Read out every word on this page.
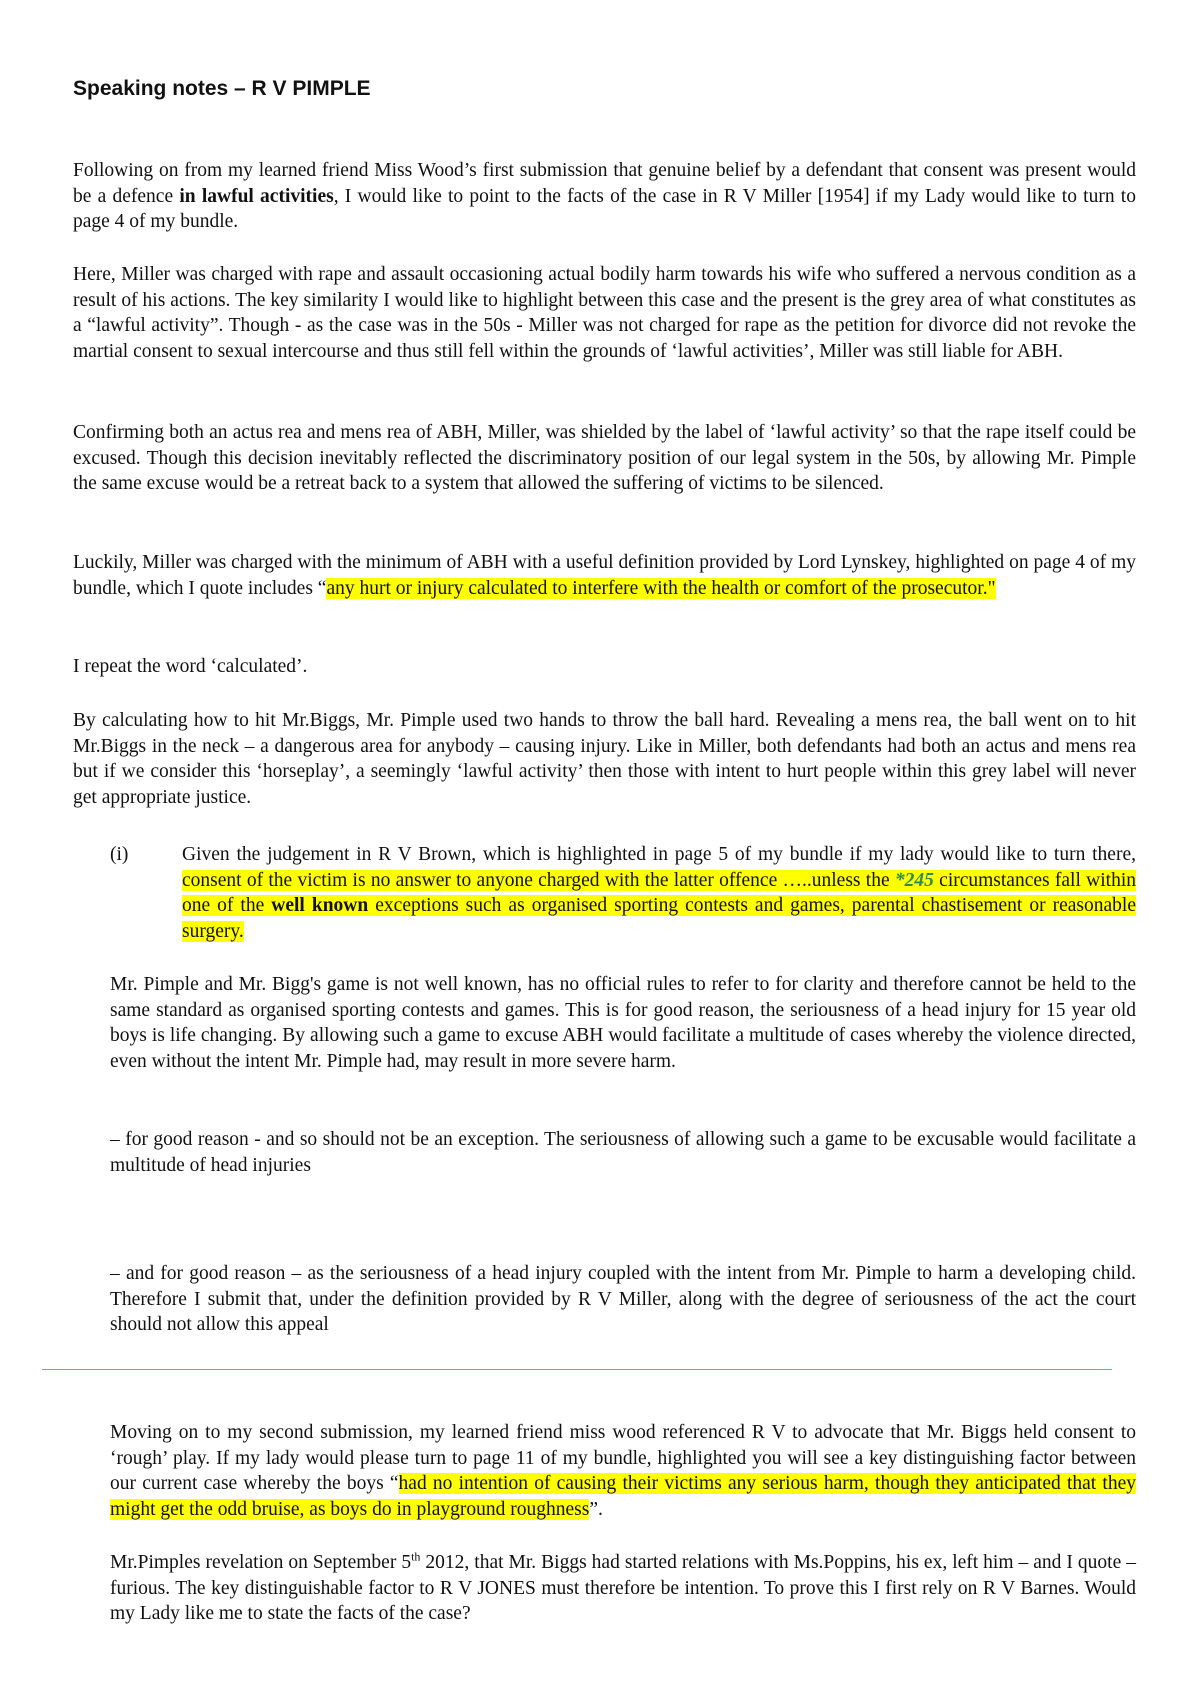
Speaking notes – R V PIMPLE

Following on from my learned friend Miss Wood’s first submission that genuine belief by a defendant that consent was present would be a defence in lawful activities, I would like to point to the facts of the case in R V Miller [1954] if my Lady would like to turn to page 4 of my bundle.

Here, Miller was charged with rape and assault occasioning actual bodily harm towards his wife who suffered a nervous condition as a result of his actions. The key similarity I would like to highlight between this case and the present is the grey area of what constitutes as a “lawful activity”. Though - as the case was in the 50s - Miller was not charged for rape as the petition for divorce did not revoke the martial consent to sexual intercourse and thus still fell within the grounds of ‘lawful activities’, Miller was still liable for ABH.

Confirming both an actus rea and mens rea of ABH, Miller, was shielded by the label of ‘lawful activity’ so that the rape itself could be excused. Though this decision inevitably reflected the discriminatory position of our legal system in the 50s, by allowing Mr. Pimple the same excuse would be a retreat back to a system that allowed the suffering of victims to be silenced.

Luckily, Miller was charged with the minimum of ABH with a useful definition provided by Lord Lynskey, highlighted on page 4 of my bundle, which I quote includes “any hurt or injury calculated to interfere with the health or comfort of the prosecutor."

I repeat the word ‘calculated’.

By calculating how to hit Mr.Biggs, Mr. Pimple used two hands to throw the ball hard. Revealing a mens rea, the ball went on to hit Mr.Biggs in the neck – a dangerous area for anybody – causing injury. Like in Miller, both defendants had both an actus and mens rea but if we consider this ‘horseplay’, a seemingly ‘lawful activity’ then those with intent to hurt people within this grey label will never get appropriate justice.

(i)	Given the judgement in R V Brown, which is highlighted in page 5 of my bundle if my lady would like to turn there, consent of the victim is no answer to anyone charged with the latter offence …..unless the *245 circumstances fall within one of the well known exceptions such as organised sporting contests and games, parental chastisement or reasonable surgery.

Mr. Pimple and Mr. Bigg's game is not well known, has no official rules to refer to for clarity and therefore cannot be held to the same standard as organised sporting contests and games. This is for good reason, the seriousness of a head injury for 15 year old boys is life changing. By allowing such a game to excuse ABH would facilitate a multitude of cases whereby the violence directed, even without the intent Mr. Pimple had, may result in more severe harm.

– for good reason - and so should not be an exception. The seriousness of allowing such a game to be excusable would facilitate a multitude of head injuries

– and for good reason – as the seriousness of a head injury coupled with the intent from Mr. Pimple to harm a developing child. Therefore I submit that, under the definition provided by R V Miller, along with the degree of seriousness of the act the court should not allow this appeal

Moving on to my second submission, my learned friend miss wood referenced R V to advocate that Mr. Biggs held consent to ‘rough’ play. If my lady would please turn to page 11 of my bundle, highlighted you will see a key distinguishing factor between our current case whereby the boys “had no intention of causing their victims any serious harm, though they anticipated that they might get the odd bruise, as boys do in playground roughness”.

Mr.Pimples revelation on September 5th 2012, that Mr. Biggs had started relations with Ms.Poppins, his ex, left him – and I quote – furious. The key distinguishable factor to R V JONES must therefore be intention. To prove this I first rely on R V Barnes. Would my Lady like me to state the facts of the case?
